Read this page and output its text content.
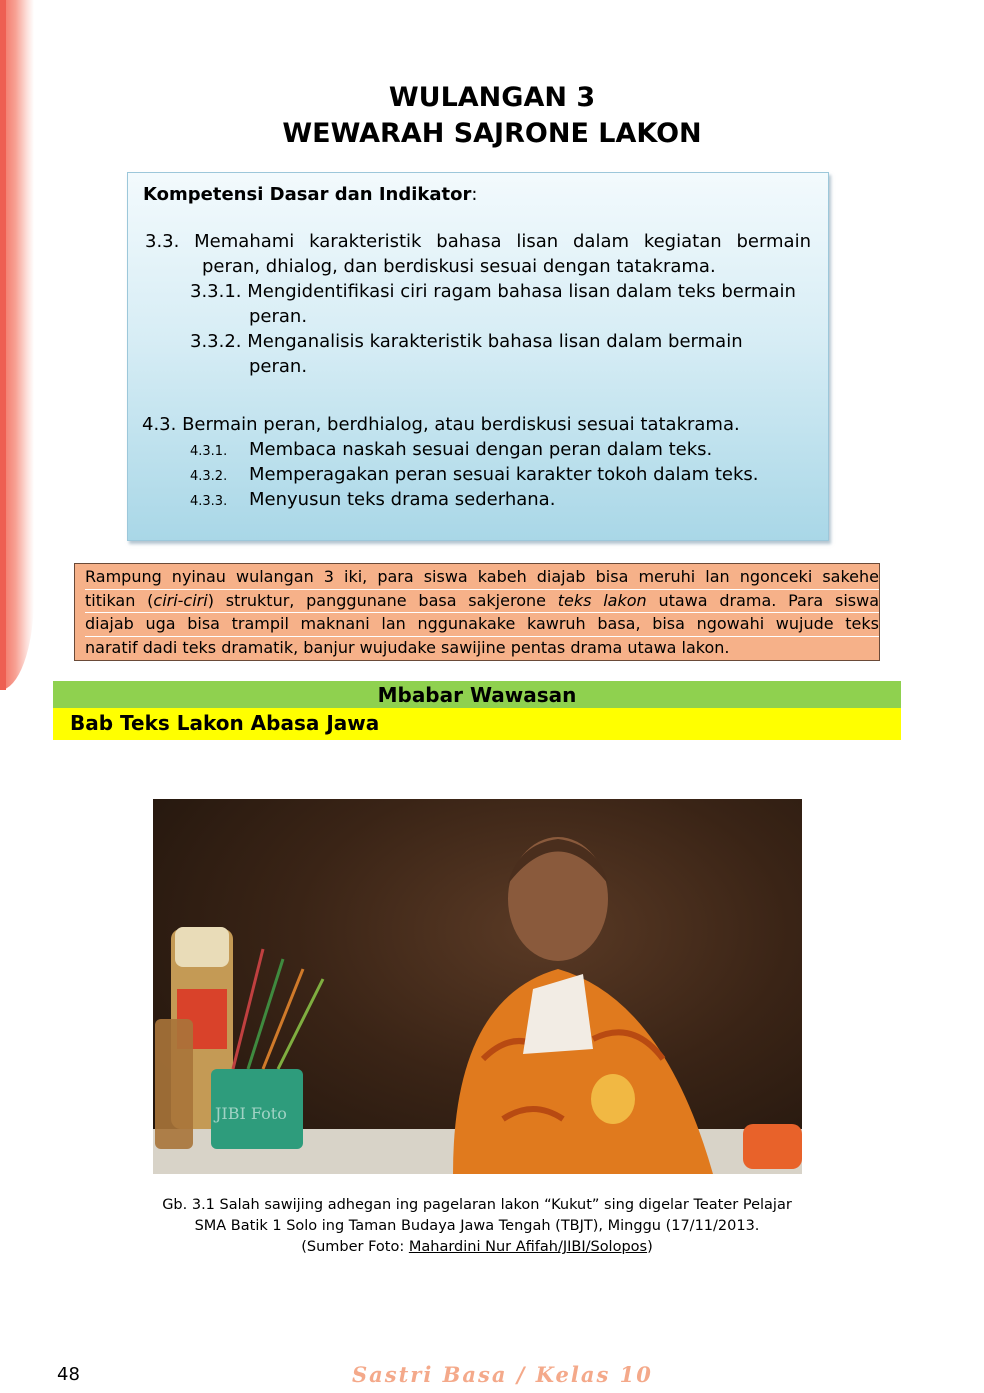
WULANGAN 3
WEWARAH SAJRONE LAKON
Kompetensi Dasar dan Indikator:
3.3. Memahami karakteristik bahasa lisan dalam kegiatan bermain
peran, dhialog, dan berdiskusi sesuai dengan tatakrama.
3.3.1. Mengidentifikasi ciri ragam bahasa lisan dalam teks bermain
peran.
3.3.2. Menganalisis karakteristik bahasa lisan dalam bermain
peran.
4.3. Bermain peran, berdhialog, atau berdiskusi sesuai tatakrama.
4.3.1. Membaca naskah sesuai dengan peran dalam teks.
4.3.2. Memperagakan peran sesuai karakter tokoh dalam teks.
4.3.3. Menyusun teks drama sederhana.
Rampung nyinau wulangan 3 iki, para siswa kabeh diajab bisa meruhi lan ngonceki sakehe
titikan (ciri-ciri) struktur, panggunane basa sakjerone teks lakon utawa drama. Para siswa
diajab uga bisa trampil maknani lan nggunakake kawruh basa, bisa ngowahi wujude teks
naratif dadi teks dramatik, banjur wujudake sawijine pentas drama utawa lakon.
Mbabar Wawasan
Bab Teks Lakon Abasa Jawa
JIBI Foto
Gb. 3.1 Salah sawijing adhegan ing pagelaran lakon “Kukut” sing digelar Teater Pelajar
SMA Batik 1 Solo ing Taman Budaya Jawa Tengah (TBJT), Minggu (17/11/2013.
(Sumber Foto: Mahardini Nur Afifah/JIBI/Solopos)
48	Sastri Basa / Kelas 10
